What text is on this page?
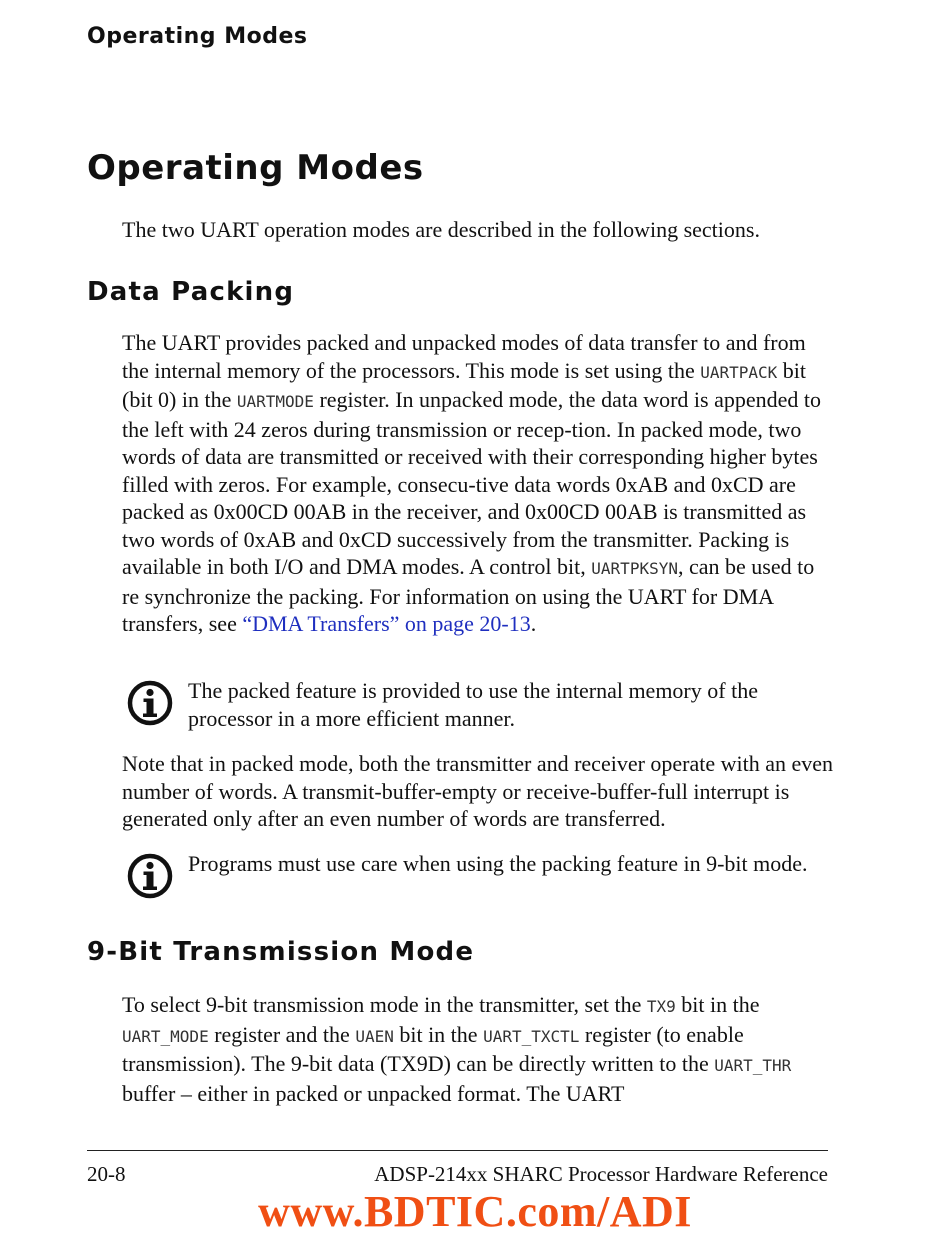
Operating Modes
Operating Modes
The two UART operation modes are described in the following sections.
Data Packing
The UART provides packed and unpacked modes of data transfer to and from the internal memory of the processors. This mode is set using the UARTPACK bit (bit 0) in the UARTMODE register. In unpacked mode, the data word is appended to the left with 24 zeros during transmission or recep-tion. In packed mode, two words of data are transmitted or received with their corresponding higher bytes filled with zeros. For example, consecu-tive data words 0xAB and 0xCD are packed as 0x00CD 00AB in the receiver, and 0x00CD 00AB is transmitted as two words of 0xAB and 0xCD successively from the transmitter. Packing is available in both I/O and DMA modes. A control bit, UARTPKSYN, can be used to re synchronize the packing. For information on using the UART for DMA transfers, see “DMA Transfers” on page 20-13.
The packed feature is provided to use the internal memory of the processor in a more efficient manner.
Note that in packed mode, both the transmitter and receiver operate with an even number of words. A transmit-buffer-empty or receive-buffer-full interrupt is generated only after an even number of words are transferred.
Programs must use care when using the packing feature in 9-bit mode.
9-Bit Transmission Mode
To select 9-bit transmission mode in the transmitter, set the TX9 bit in the UART_MODE register and the UAEN bit in the UART_TXCTL register (to enable transmission). The 9-bit data (TX9D) can be directly written to the UART_THR buffer – either in packed or unpacked format. The UART
20-8	ADSP-214xx SHARC Processor Hardware Reference
www.BDTIC.com/ADI
